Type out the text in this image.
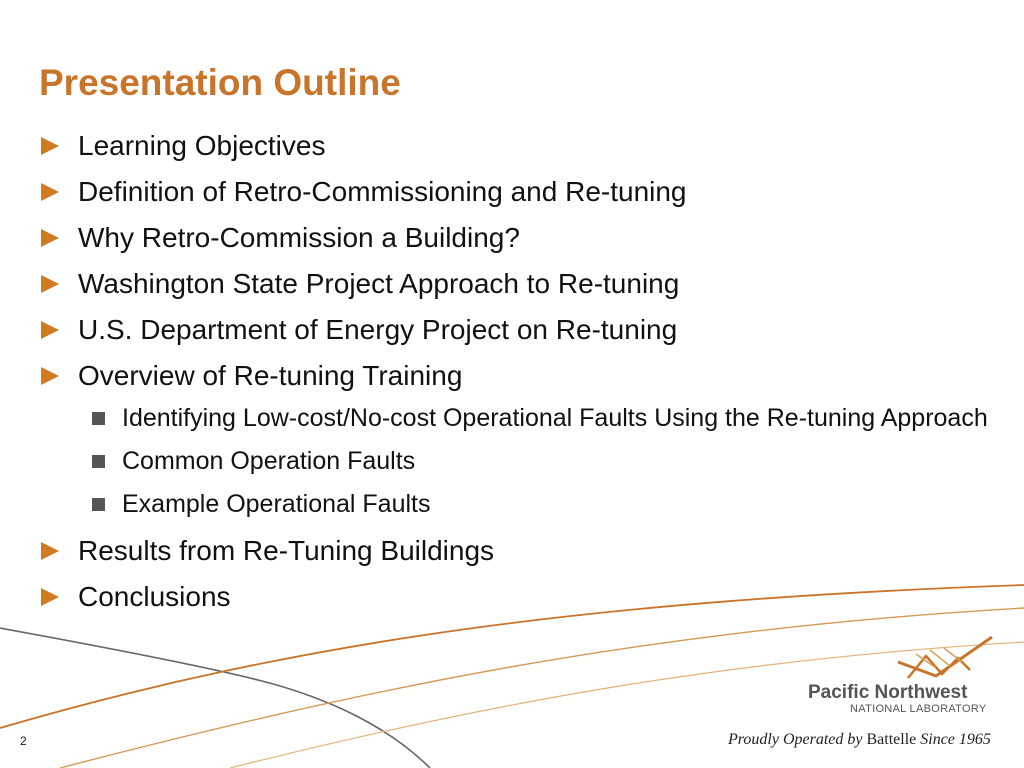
Presentation Outline
Learning Objectives
Definition of Retro-Commissioning and Re-tuning
Why Retro-Commission a Building?
Washington State Project Approach to Re-tuning
U.S. Department of Energy Project on Re-tuning
Overview of Re-tuning Training
Identifying Low-cost/No-cost Operational Faults Using the Re-tuning Approach
Common Operation Faults
Example Operational Faults
Results from Re-Tuning Buildings
Conclusions
Pacific Northwest
NATIONAL LABORATORY
Proudly Operated by Battelle Since 1965
2
